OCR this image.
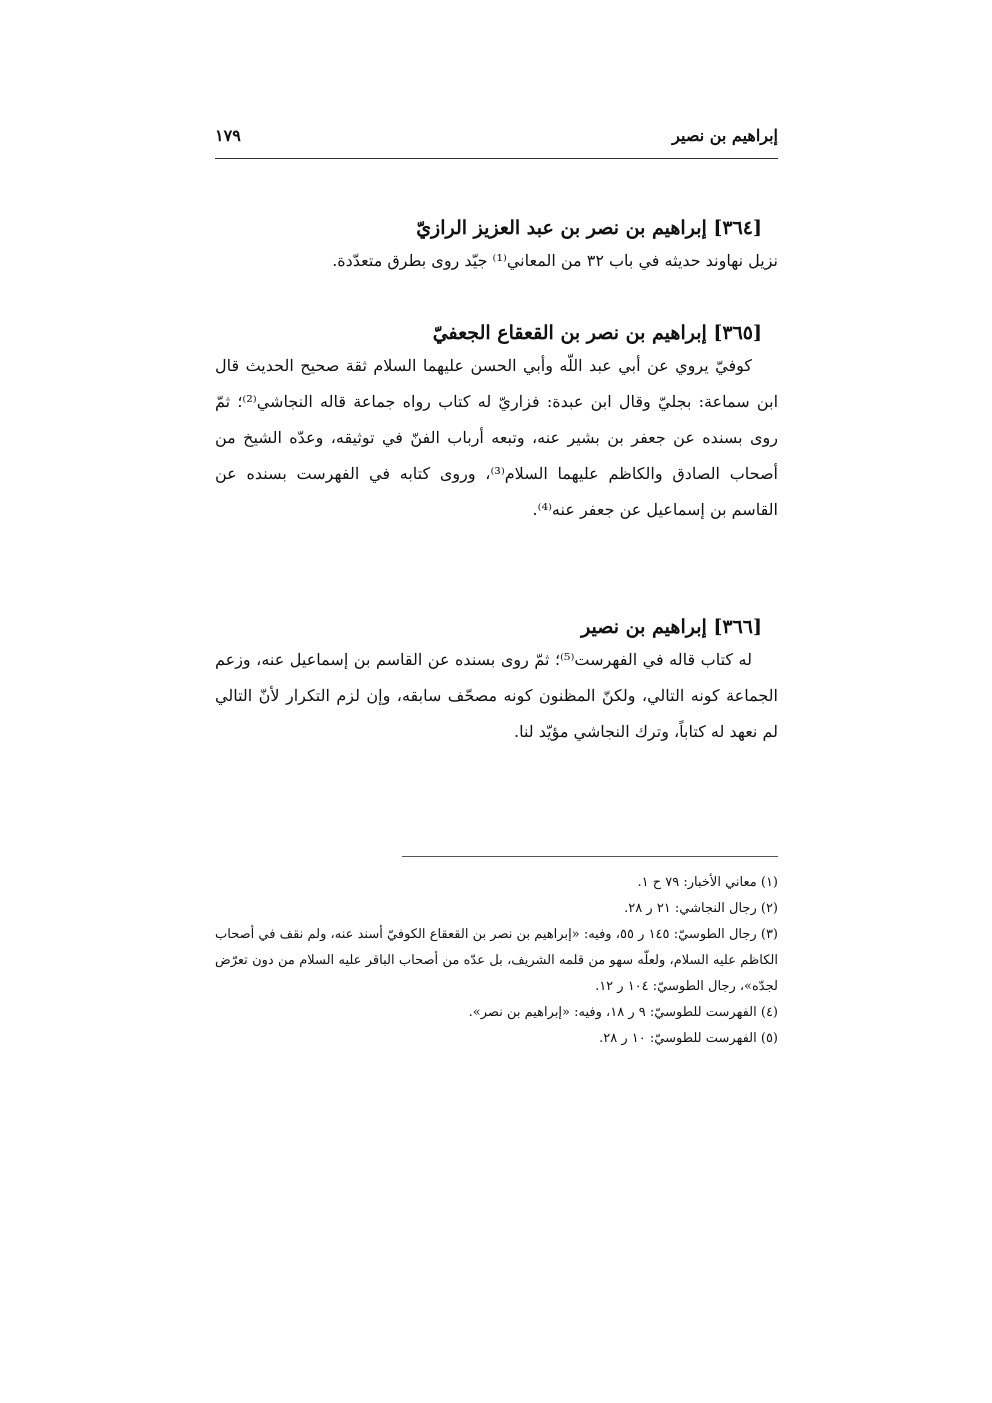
إبراهيم بن نصير
١٧٩
[٣٦٤] إبراهيم بن نصر بن عبد العزيز الرازيّ

نزيل نهاوند حديثه في باب ٣٢ من المعاني⁽¹⁾ جيّد روى بطرق متعدّدة.

[٣٦٥] إبراهيم بن نصر بن القعقاع الجعفيّ

كوفيّ يروي عن أبي عبد اللّه وأبي الحسن عليهما السلام ثقة صحيح الحديث قال ابن سماعة: بجليّ وقال ابن عبدة: فزاريّ له كتاب رواه جماعة قاله النجاشي⁽²⁾؛ ثمّ روى بسنده عن جعفر بن بشير عنه، وتبعه أرباب الفنّ في توثيقه، وعدّه الشيخ من أصحاب الصادق والكاظم عليهما السلام⁽³⁾، وروى كتابه في الفهرست بسنده عن القاسم بن إسماعيل عن جعفر عنه⁽⁴⁾.

[٣٦٦] إبراهيم بن نصير

له كتاب قاله في الفهرست⁽⁵⁾؛ ثمّ روى بسنده عن القاسم بن إسماعيل عنه، وزعم الجماعة كونه التالي، ولكنّ المظنون كونه مصحّف سابقه، وإن لزم التكرار لأنّ التالي لم نعهد له كتاباً، وترك النجاشي مؤيّد لنا.

(١) معاني الأخبار: ٧٩ ح ١.

(٢) رجال النجاشي: ٢١ ر ٢٨.

(٣) رجال الطوسيّ: ١٤٥ ر ٥٥، وفيه: «إبراهيم بن نصر بن القعقاع الكوفيّ أسند عنه، ولم نقف في أصحاب الكاظم عليه السلام، ولعلّه سهو من قلمه الشريف، بل عدّه من أصحاب الباقر عليه السلام من دون تعرّض لجدّه»، رجال الطوسيّ: ١٠٤ ر ١٢.

(٤) الفهرست للطوسيّ: ٩ ر ١٨، وفيه: «إبراهيم بن نصر».

(٥) الفهرست للطوسيّ: ١٠ ر ٢٨.
